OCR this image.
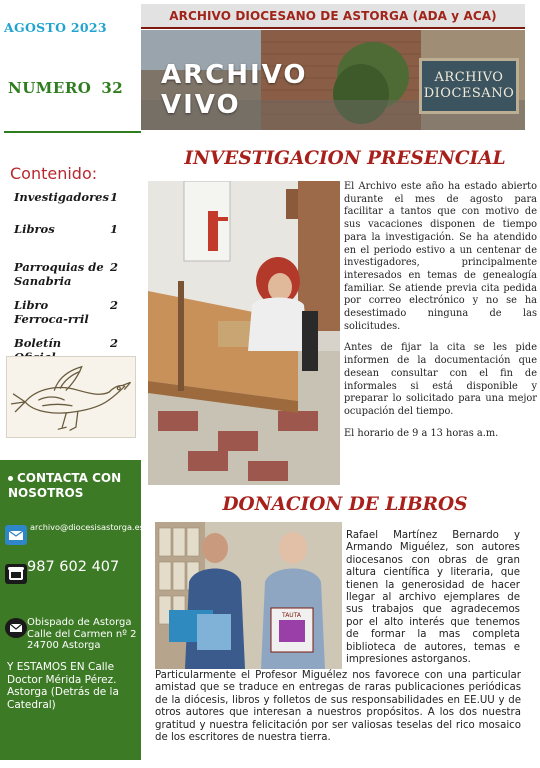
AGOSTO 2023
NUMERO 32
ARCHIVO DIOCESANO DE ASTORGA (ADA y ACA)
ARCHIVO
VIVO
ARCHIVO
DIOCESANO
Contenido:
Investigadores 1
Libros	1
Parroquias de Sanabria
2
Libro Ferroca-rril
2
Boletín Oficial
2
CONTACTA CON NOSOTROS
archivo@diocesisastorga.es
987 602 407
Obispado de Astorga Calle del Carmen nº 2 24700 Astorga
Y ESTAMOS EN Calle Doctor Mérida Pérez. Astorga (Detrás de la Catedral)
INVESTIGACION PRESENCIAL

El Archivo este año ha estado abierto durante el mes de agosto para facilitar a tantos que con motivo de sus vacaciones disponen de tiempo para la investigación. Se ha atendido en el periodo estivo a un centenar de investigadores, principalmente interesados en temas de genealogía familiar. Se atiende previa cita pedida por correo electrónico y no se ha desestimado ninguna de las solicitudes.

Antes de fijar la cita se les pide informen de la documentación que desean consultar con el fin de informales si está disponible y preparar lo solicitado para una mejor ocupación del tiempo.

El horario de 9 a 13 horas a.m.

DONACION DE LIBROS
TAUTA
Rafael Martínez Bernardo y Armando Miguélez, son autores diocesanos con obras de gran altura científica y literaria, que tienen la generosidad de hacer llegar al archivo ejemplares de sus trabajos que agradecemos por el alto interés que tenemos de formar la mas completa biblioteca de autores, temas e impresiones astorganos.
Particularmente el Profesor Miguélez nos favorece con una particular amistad que se traduce en entregas de raras publicaciones periódicas de la diócesis, libros y folletos de sus responsabilidades en EE.UU y de otros autores que interesan a nuestros propósitos. A los dos nuestra gratitud y nuestra felicitación por ser valiosas teselas del rico mosaico de los escritores de nuestra tierra.
